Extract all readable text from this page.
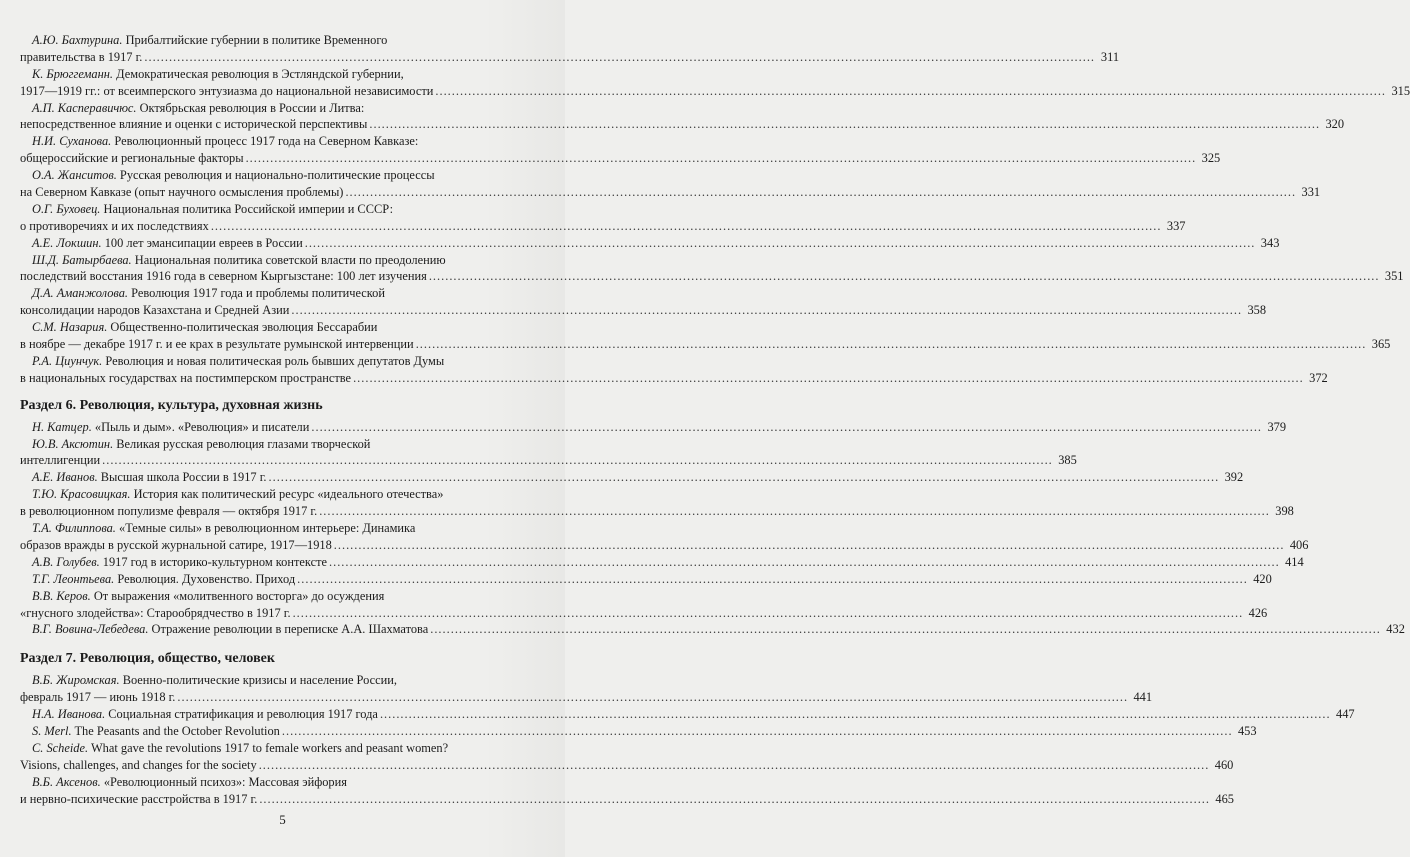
А.Ю. Бахтурина. Прибалтийские губернии в политике Временного
правительства в 1917 г. .....	311
К. Брюггеманн. Демократическая революция в Эстляндской губернии,
1917—1919 гг.: от всеимперского энтузиазма до национальной независимости .....	315
А.П. Касперавичюс. Октябрьская революция в России и Литва:
непосредственное влияние и оценки с исторической перспективы .....	320
Н.И. Суханова. Революционный процесс 1917 года на Северном Кавказе:
общероссийские и региональные факторы .....	325
О.А. Жанситов. Русская революция и национально-политические процессы
на Северном Кавказе (опыт научного осмысления проблемы) .....	331
О.Г. Буховец. Национальная политика Российской империи и СССР:
о противоречиях и их последствиях .....	337
А.Е. Локшин. 100 лет эмансипации евреев в России .....	343
Ш.Д. Батырбаева. Национальная политика советской власти по преодолению
последствий восстания 1916 года в северном Кыргызстане: 100 лет изучения .....	351
Д.А. Аманжолова. Революция 1917 года и проблемы политической
консолидации народов Казахстана и Средней Азии .....	358
С.М. Назария. Общественно-политическая эволюция Бессарабии
в ноябре — декабре 1917 г. и ее крах в результате румынской интервенции .....	365
Р.А. Циунчук. Революция и новая политическая роль бывших депутатов Думы
в национальных государствах на постимперском пространстве .....	372
Раздел 6. Революция, культура, духовная жизнь
Н. Катцер. «Пыль и дым». «Революция» и писатели .....	379
Ю.В. Аксютин. Великая русская революция глазами творческой
интеллигенции .....	385
А.Е. Иванов. Высшая школа России в 1917 г. .....	392
Т.Ю. Красовицкая. История как политический ресурс «идеального отечества»
в революционном популизме февраля — октября 1917 г. .....	398
Т.А. Филиппова. «Темные силы» в революционном интерьере: Динамика
образов вражды в русской журнальной сатире, 1917—1918 .....	406
А.В. Голубев. 1917 год в историко-культурном контексте .....	414
Т.Г. Леонтьева. Революция. Духовенство. Приход .....	420
В.В. Керов. От выражения «молитвенного восторга» до осуждения
«гнусного злодейства»: Старообрядчество в 1917 г. .....	426
В.Г. Вовина-Лебедева. Отражение революции в переписке А.А. Шахматова .....	432
Раздел 7. Революция, общество, человек
В.Б. Жиромская. Военно-политические кризисы и население России,
февраль 1917 — июнь 1918 г. .....	441
Н.А. Иванова. Социальная стратификация и революция 1917 года .....	447
S. Merl. The Peasants and the October Revolution .....	453
C. Scheide. What gave the revolutions 1917 to female workers and peasant women?
Visions, challenges, and changes for the society .....	460
В.Б. Аксенов. «Революционный психоз»: Массовая эйфория
и нервно-психические расстройства в 1917 г. .....	465
5
